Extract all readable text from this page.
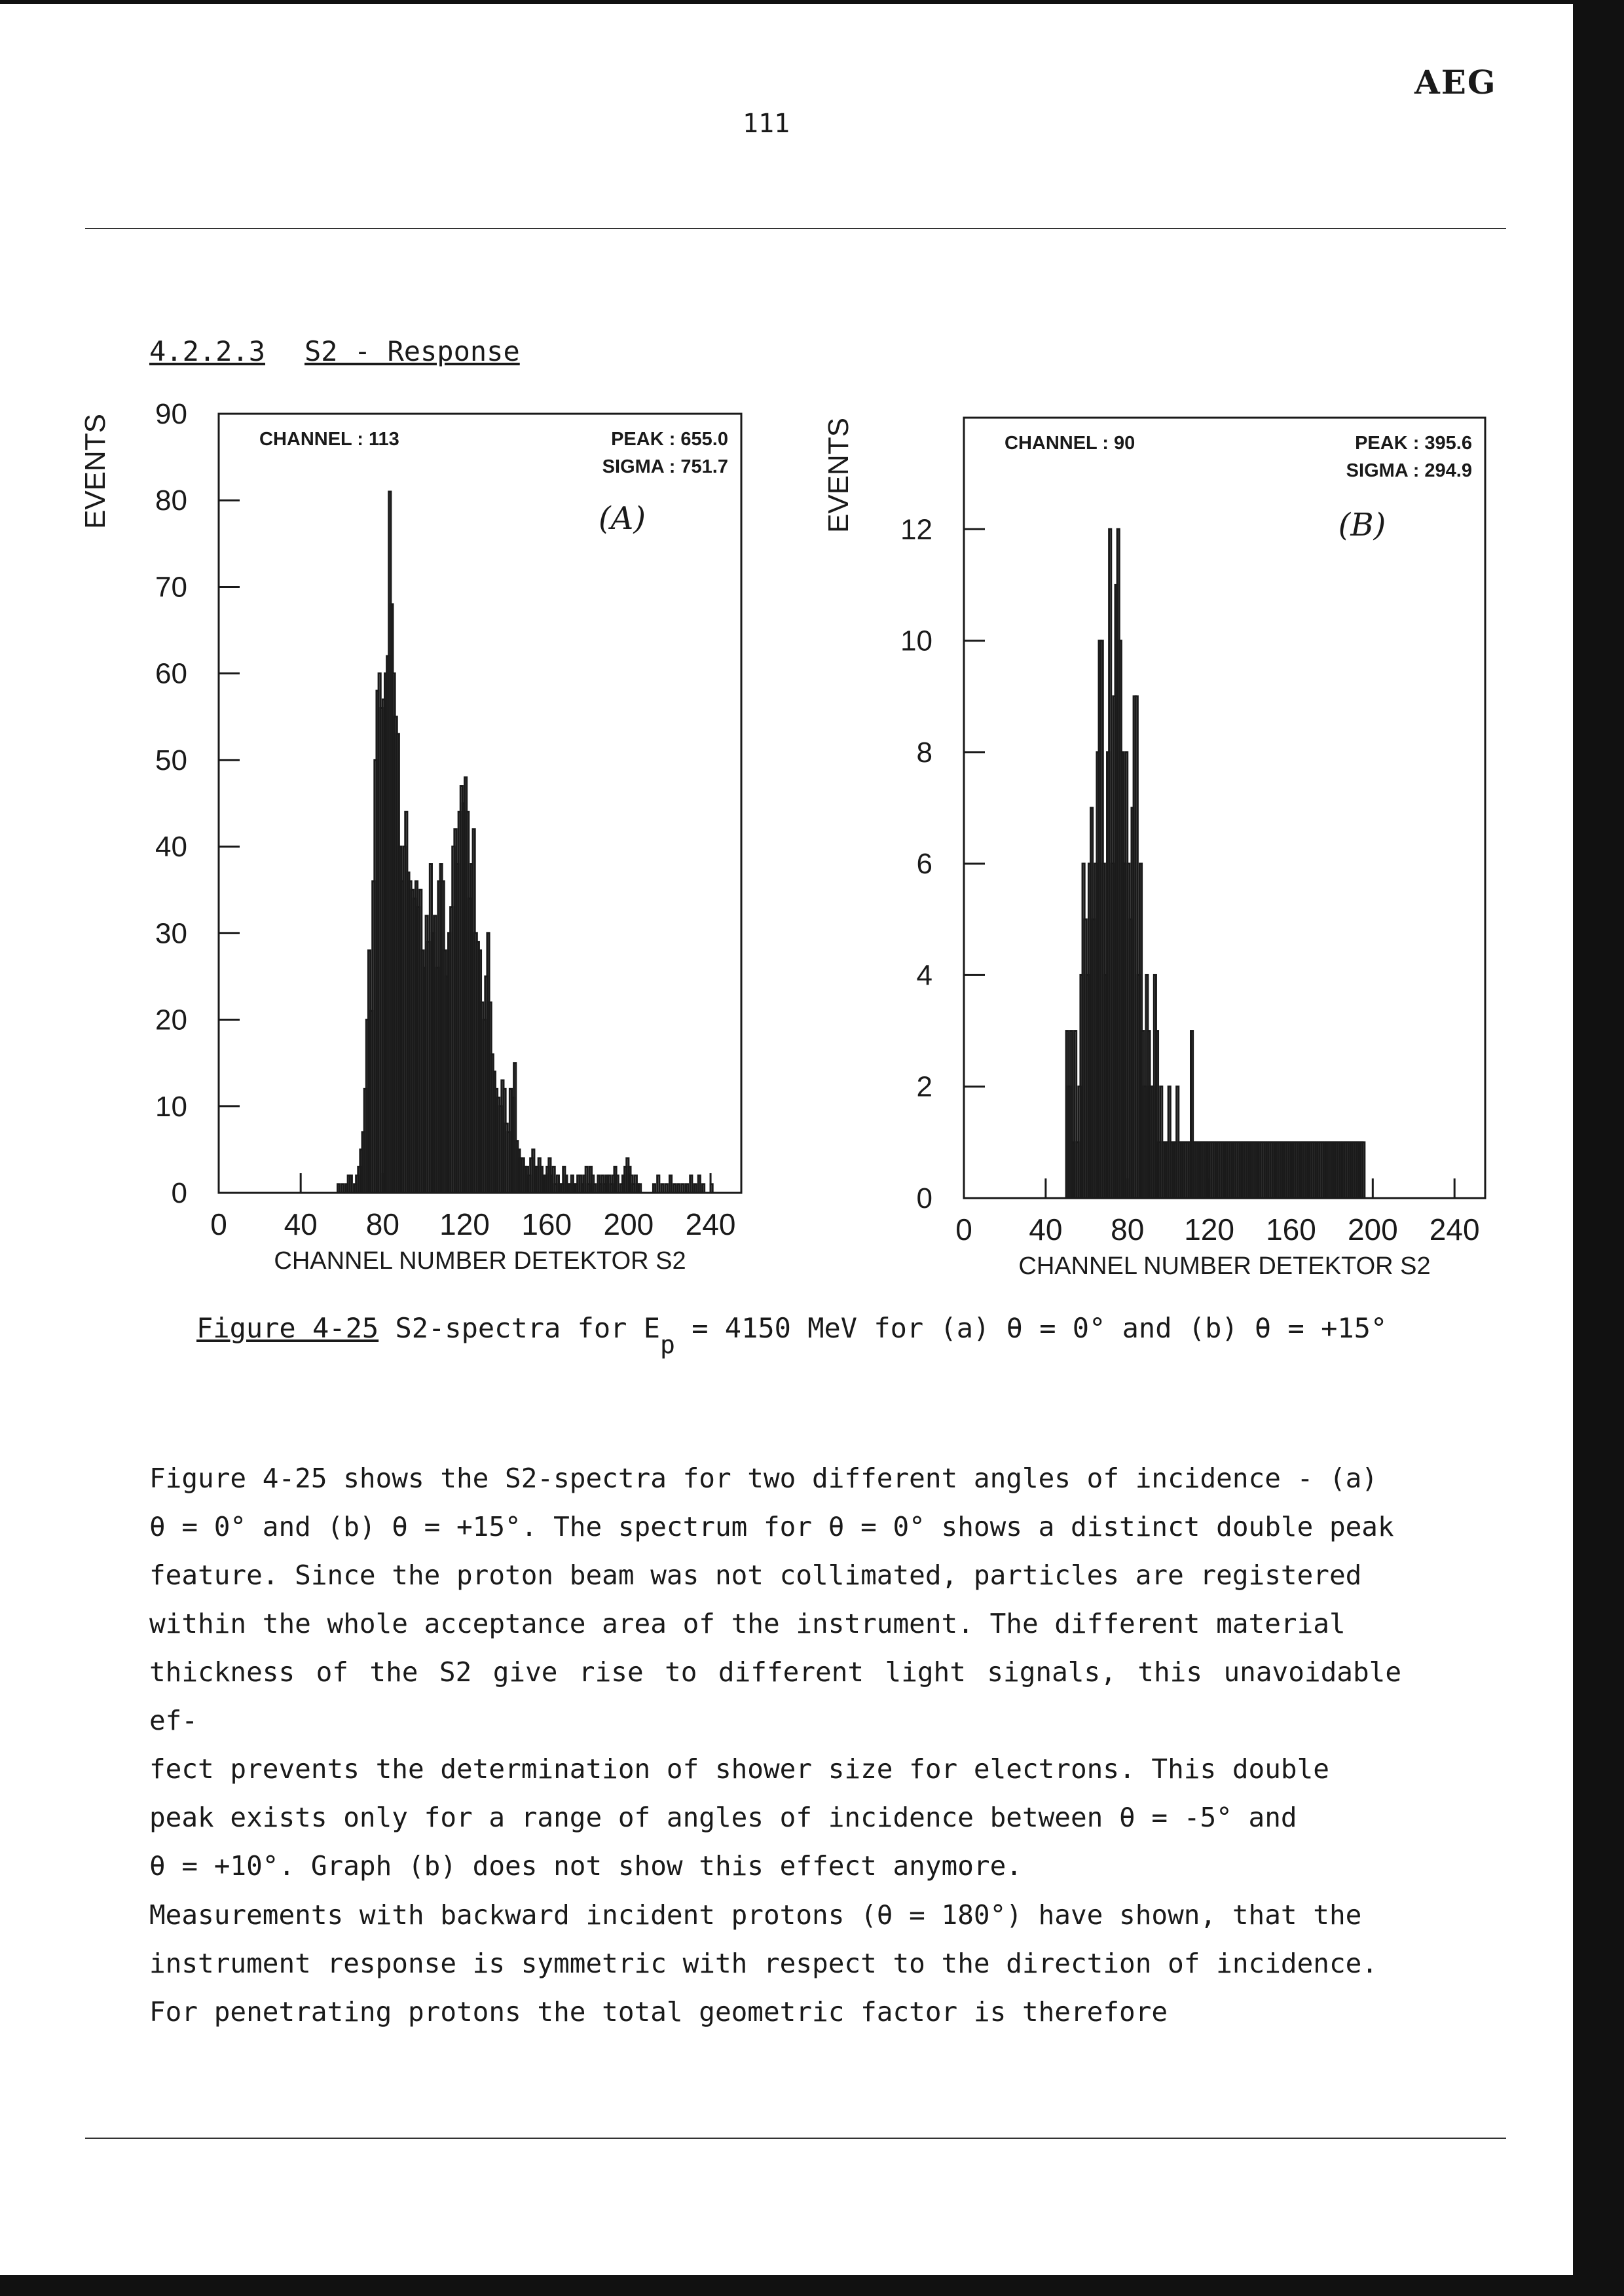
AEG
111
4.2.2.3 S2 - Response
0
10
20
30
40
50
60
70
80
90
0 40 80 120 160 200 240
CHANNEL NUMBER DETEKTOR S2
EVENTS	CHANNEL : 113	PEAK : 655.0
SIGMA : 751.7
(A)
0
2
4
6
8
10
12
0 40 80 120 160 200 240
CHANNEL NUMBER DETEKTOR S2
EVENTS	CHANNEL : 90	PEAK : 395.6
SIGMA : 294.9
(B)
Figure 4-25 S2-spectra for Ep = 4150 MeV for (a) θ = 0° and (b) θ = +15°
Figure 4-25 shows the S2-spectra for two different angles of incidence - (a)
θ = 0° and (b) θ = +15°. The spectrum for θ = 0° shows a distinct double peak
feature. Since the proton beam was not collimated, particles are registered
within the whole acceptance area of the instrument. The different material
thickness of the S2 give rise to different light signals, this unavoidable ef-
fect prevents the determination of shower size for electrons. This double
peak exists only for a range of angles of incidence between θ = -5° and
θ = +10°. Graph (b) does not show this effect anymore.
Measurements with backward incident protons (θ = 180°) have shown, that the
instrument response is symmetric with respect to the direction of incidence.
For penetrating protons the total geometric factor is therefore
